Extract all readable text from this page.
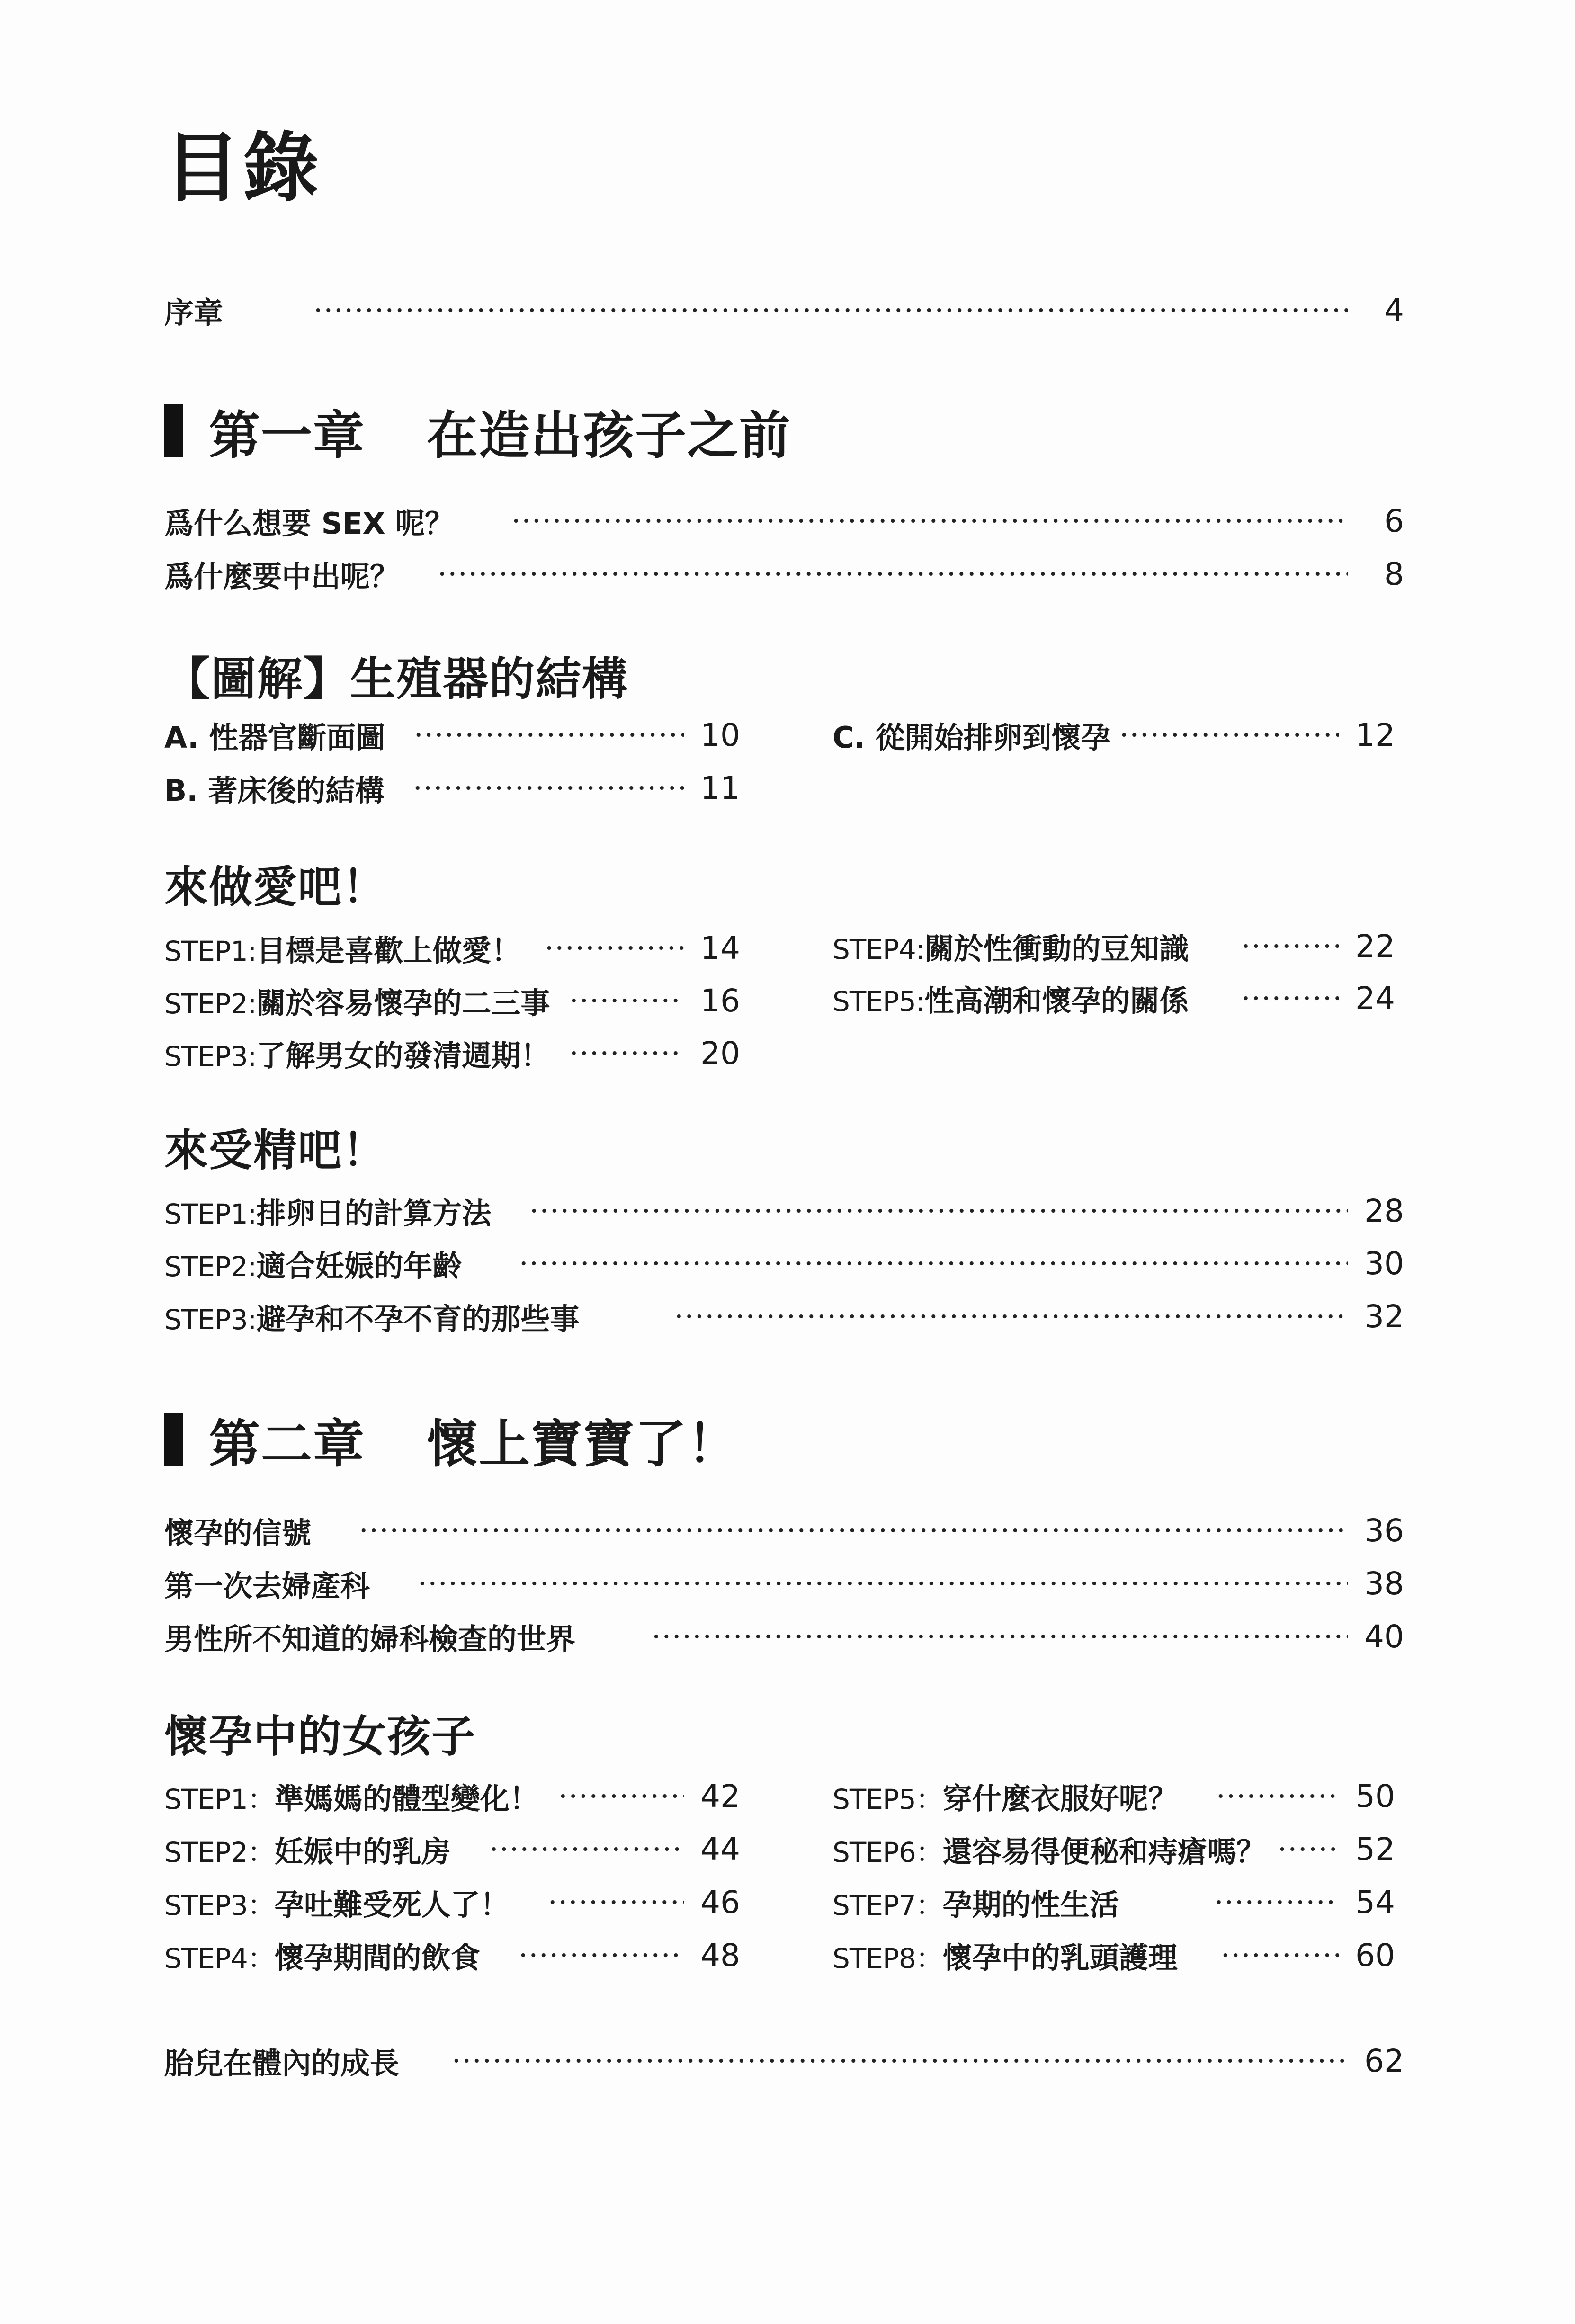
目錄
序章	4
第一章 在造出孩子之前
爲什么想要 SEX 呢？	6
爲什麼要中出呢？	8
【圖解】生殖器的結構
A. 性器官斷面圖	10
B. 著床後的結構	11
C. 從開始排卵到懷孕	12
來做愛吧！
STEP1:目標是喜歡上做愛！	14
STEP2:關於容易懷孕的二三事	16
STEP3:了解男女的發清週期！	20
STEP4:關於性衝動的豆知識	22
STEP5:性高潮和懷孕的關係	24
來受精吧！
STEP1:排卵日的計算方法	28
STEP2:適合妊娠的年齡	30
STEP3:避孕和不孕不育的那些事	32
第二章 懷上寶寶了！
懷孕的信號	36
第一次去婦產科	38
男性所不知道的婦科檢查的世界	40
懷孕中的女孩子
STEP1：準媽媽的體型變化！	42
STEP2：妊娠中的乳房	44
STEP3：孕吐難受死人了！	46
STEP4：懷孕期間的飲食	48
STEP5：穿什麼衣服好呢？	50
STEP6：還容易得便秘和痔瘡嗎？	52
STEP7：孕期的性生活	54
STEP8：懷孕中的乳頭護理	60
胎兒在體內的成長	62
